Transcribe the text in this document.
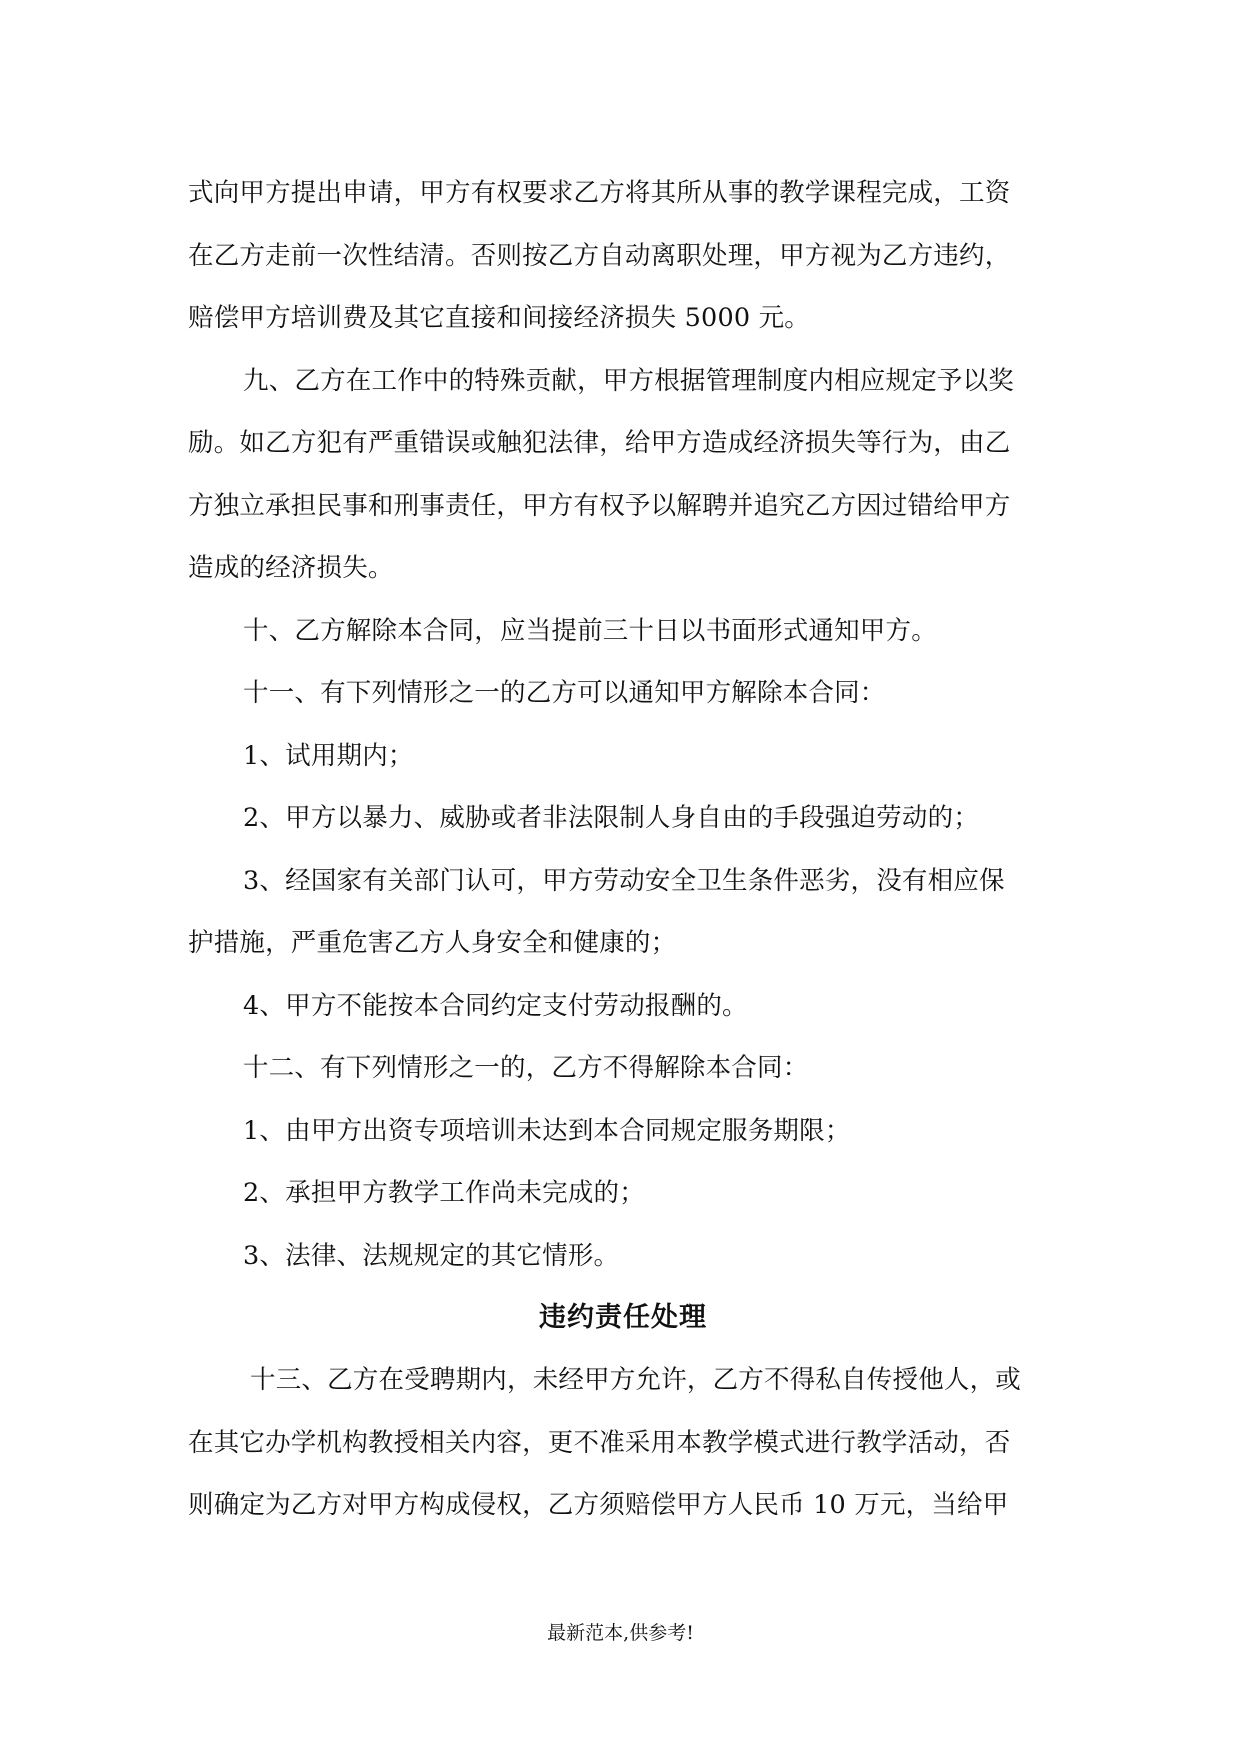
式向甲方提出申请，甲方有权要求乙方将其所从事的教学课程完成，工资
在乙方走前一次性结清。否则按乙方自动离职处理，甲方视为乙方违约，
赔偿甲方培训费及其它直接和间接经济损失 5000 元。
九、乙方在工作中的特殊贡献，甲方根据管理制度内相应规定予以奖
励。如乙方犯有严重错误或触犯法律，给甲方造成经济损失等行为，由乙
方独立承担民事和刑事责任，甲方有权予以解聘并追究乙方因过错给甲方
造成的经济损失。
十、乙方解除本合同，应当提前三十日以书面形式通知甲方。
十一、有下列情形之一的乙方可以通知甲方解除本合同：
1、试用期内；
2、甲方以暴力、威胁或者非法限制人身自由的手段强迫劳动的；
3、经国家有关部门认可，甲方劳动安全卫生条件恶劣，没有相应保
护措施，严重危害乙方人身安全和健康的；
4、甲方不能按本合同约定支付劳动报酬的。
十二、有下列情形之一的，乙方不得解除本合同：
1、由甲方出资专项培训未达到本合同规定服务期限；
2、承担甲方教学工作尚未完成的；
3、法律、法规规定的其它情形。
违约责任处理
十三、乙方在受聘期内，未经甲方允许，乙方不得私自传授他人，或
在其它办学机构教授相关内容，更不准采用本教学模式进行教学活动，否
则确定为乙方对甲方构成侵权，乙方须赔偿甲方人民币 10 万元，当给甲
最新范本,供参考!
